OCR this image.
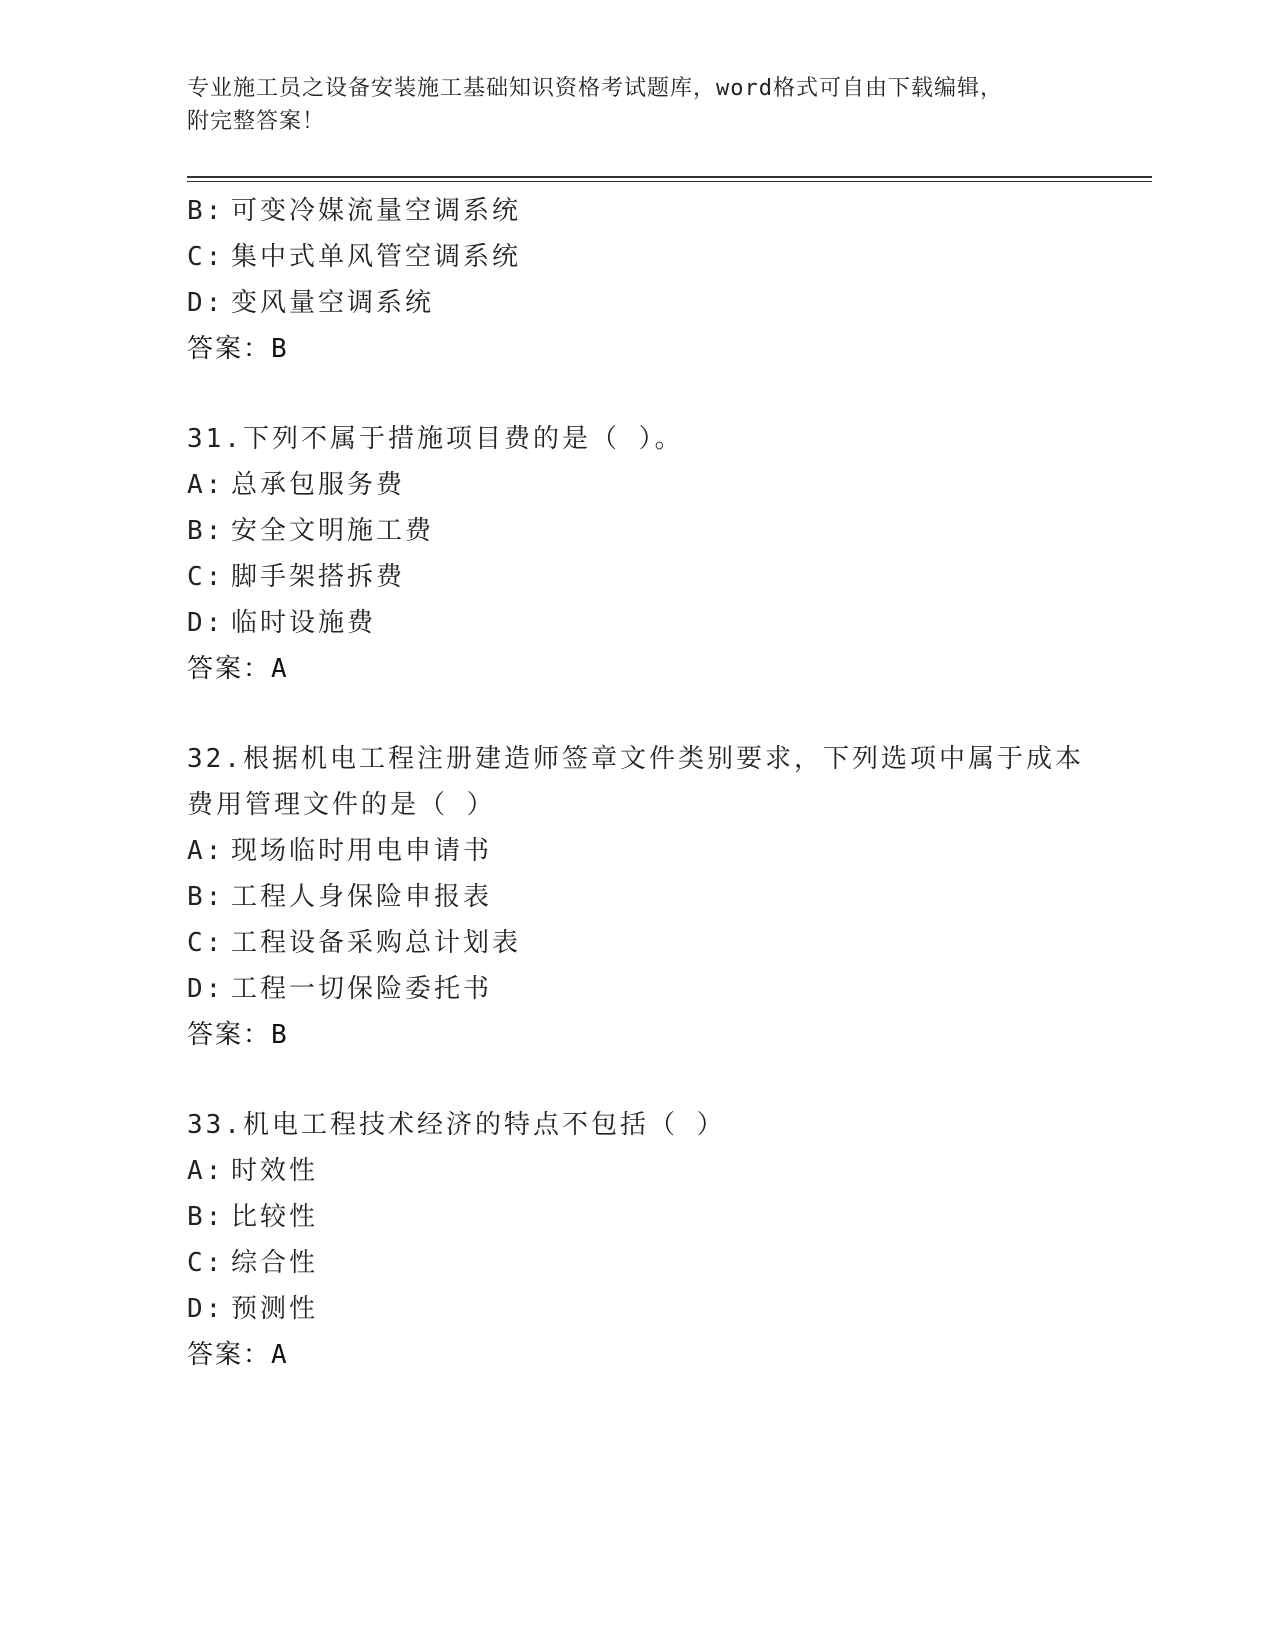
专业施工员之设备安装施工基础知识资格考试题库，word格式可自由下载编辑，
附完整答案！
B: 可变冷媒流量空调系统
C: 集中式单风管空调系统
D: 变风量空调系统
答案：B
31.下列不属于措施项目费的是（ ）。
A: 总承包服务费
B: 安全文明施工费
C: 脚手架搭拆费
D: 临时设施费
答案：A
32.根据机电工程注册建造师签章文件类别要求，下列选项中属于成本
费用管理文件的是（ ）
A: 现场临时用电申请书
B: 工程人身保险申报表
C: 工程设备采购总计划表
D: 工程一切保险委托书
答案：B
33.机电工程技术经济的特点不包括（ ）
A: 时效性
B: 比较性
C: 综合性
D: 预测性
答案：A
